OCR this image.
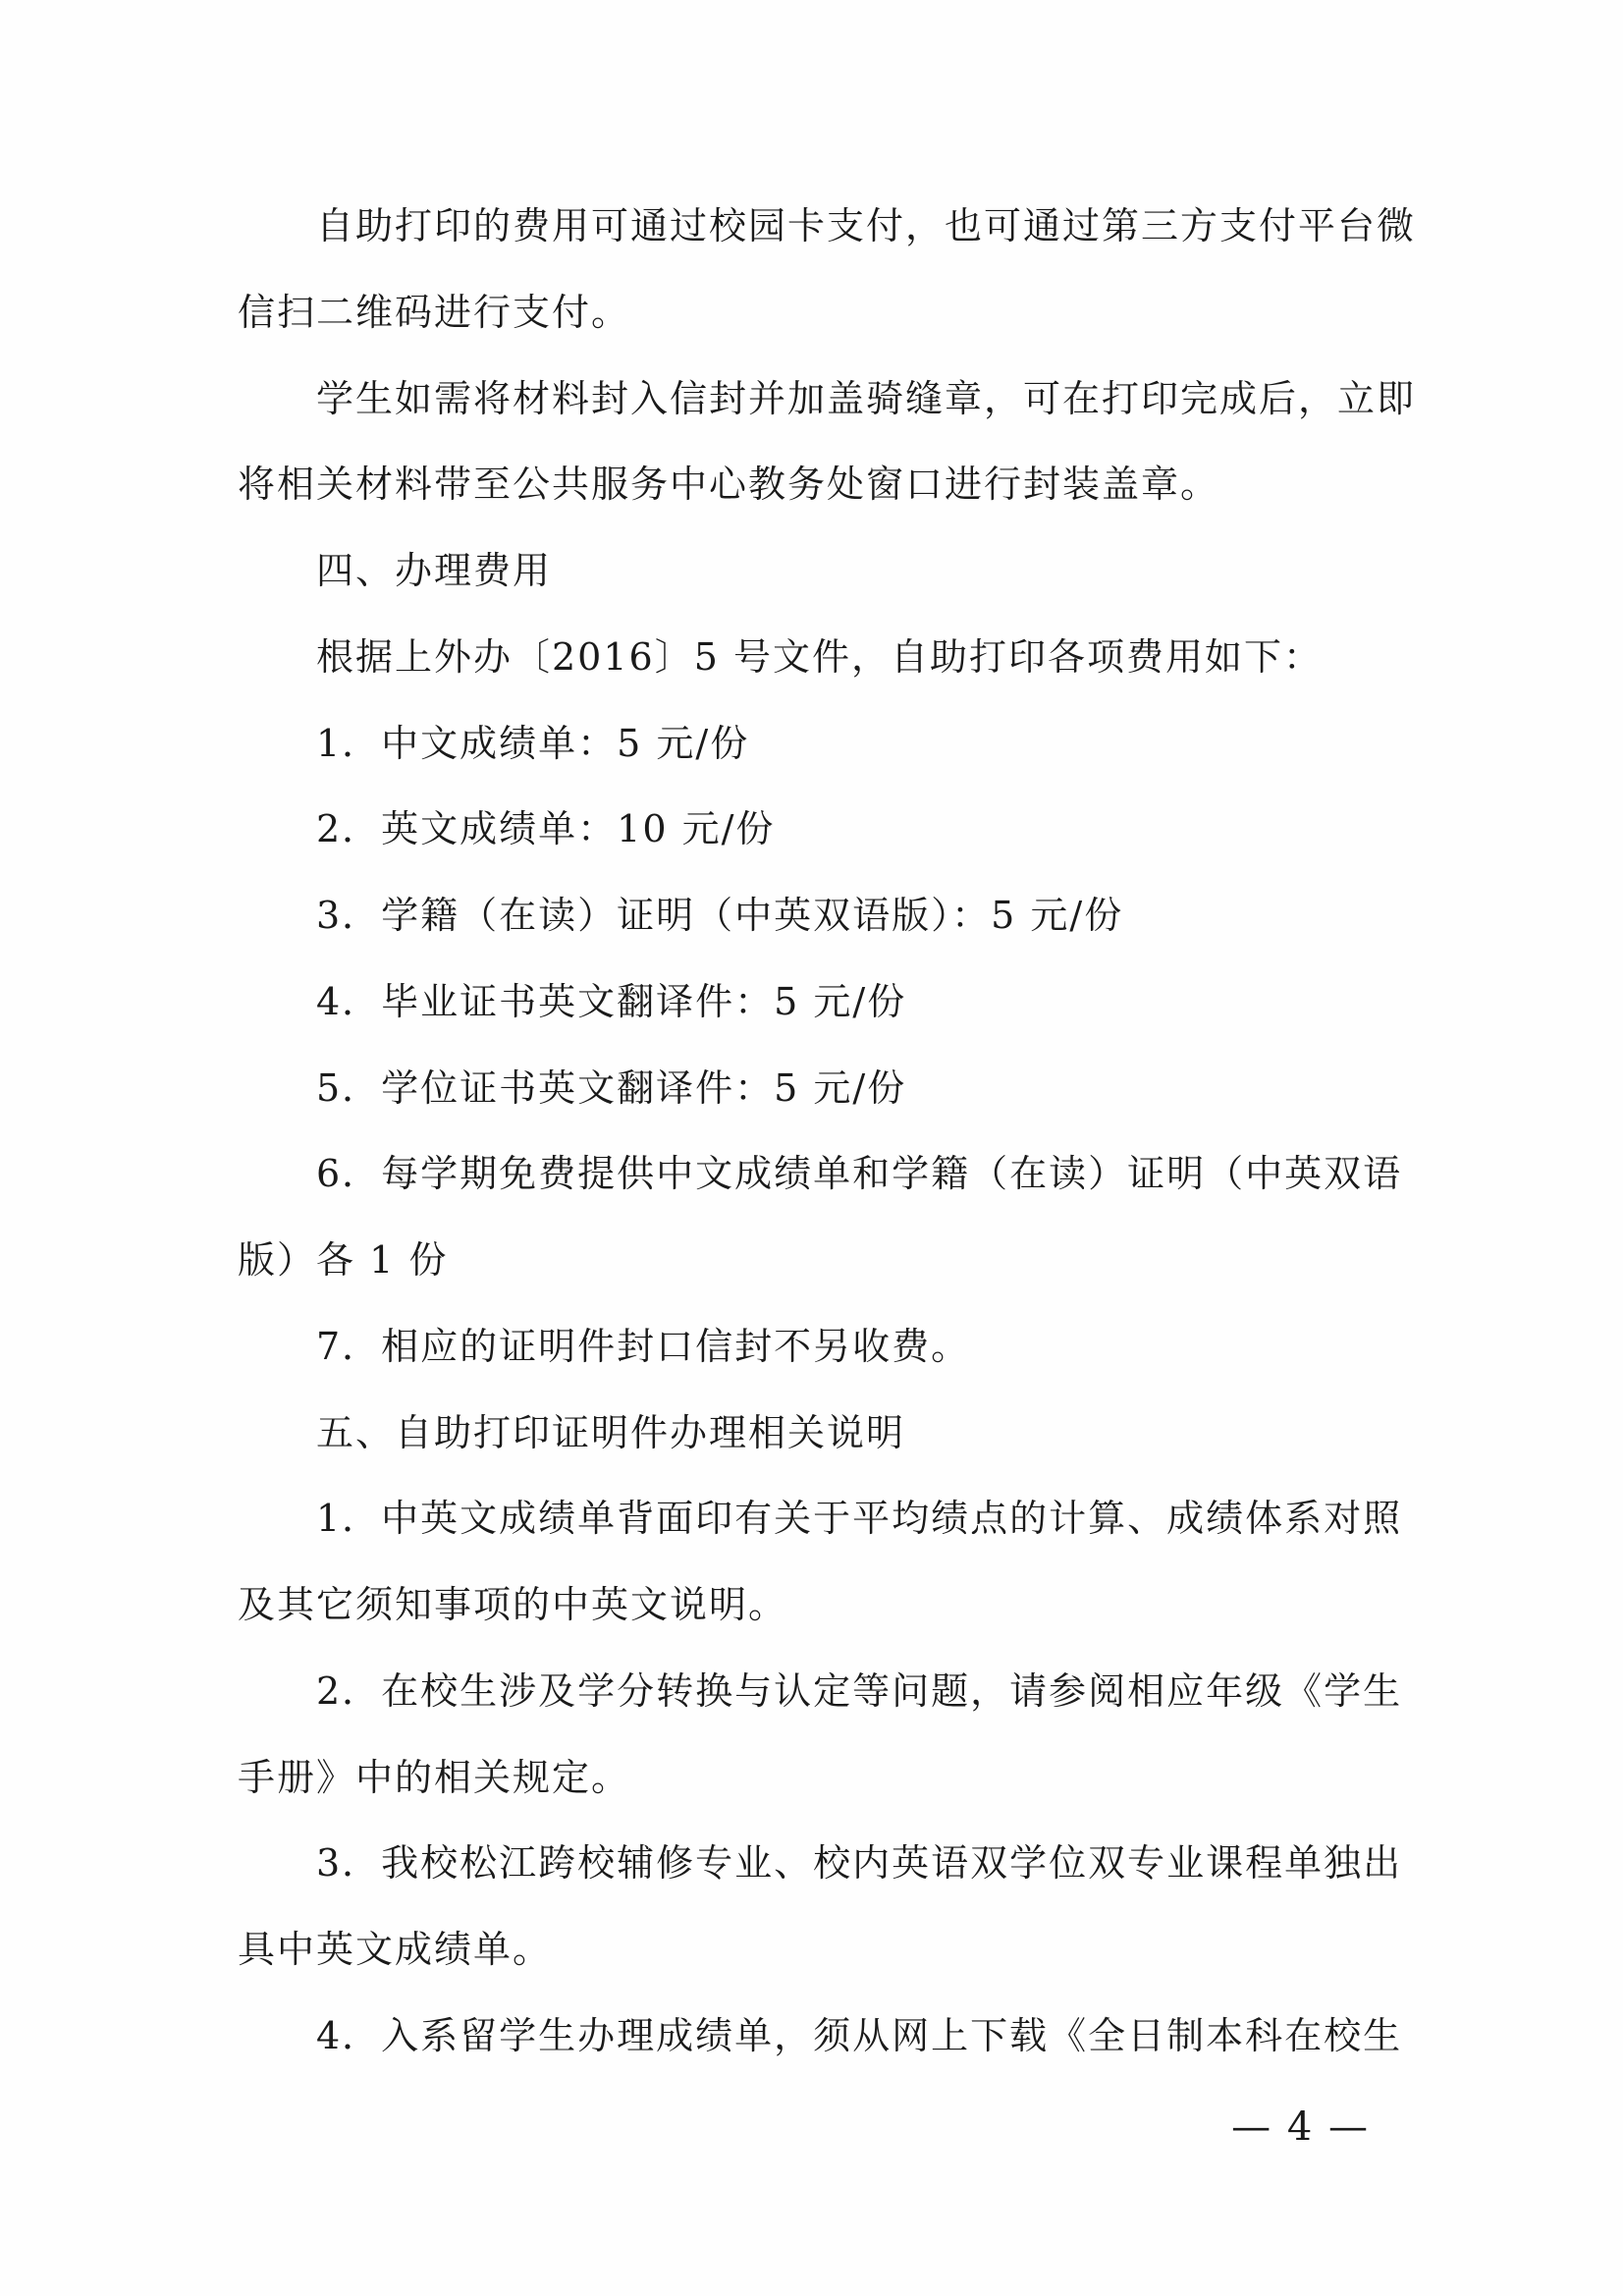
　　自助打印的费用可通过校园卡支付，也可通过第三方支付平台微
信扫二维码进行支付。
　　学生如需将材料封入信封并加盖骑缝章，可在打印完成后，立即
将相关材料带至公共服务中心教务处窗口进行封装盖章。
　　四、办理费用
　　根据上外办〔2016〕5 号文件，自助打印各项费用如下：
　　1．中文成绩单：5 元/份
　　2．英文成绩单：10 元/份
　　3．学籍（在读）证明（中英双语版）：5 元/份
　　4．毕业证书英文翻译件：5 元/份
　　5．学位证书英文翻译件：5 元/份
　　6．每学期免费提供中文成绩单和学籍（在读）证明（中英双语
版）各 1 份
　　7．相应的证明件封口信封不另收费。
　　五、自助打印证明件办理相关说明
　　1．中英文成绩单背面印有关于平均绩点的计算、成绩体系对照
及其它须知事项的中英文说明。
　　2．在校生涉及学分转换与认定等问题，请参阅相应年级《学生
手册》中的相关规定。
　　3．我校松江跨校辅修专业、校内英语双学位双专业课程单独出
具中英文成绩单。
　　4．入系留学生办理成绩单，须从网上下载《全日制本科在校生
— 4 —
